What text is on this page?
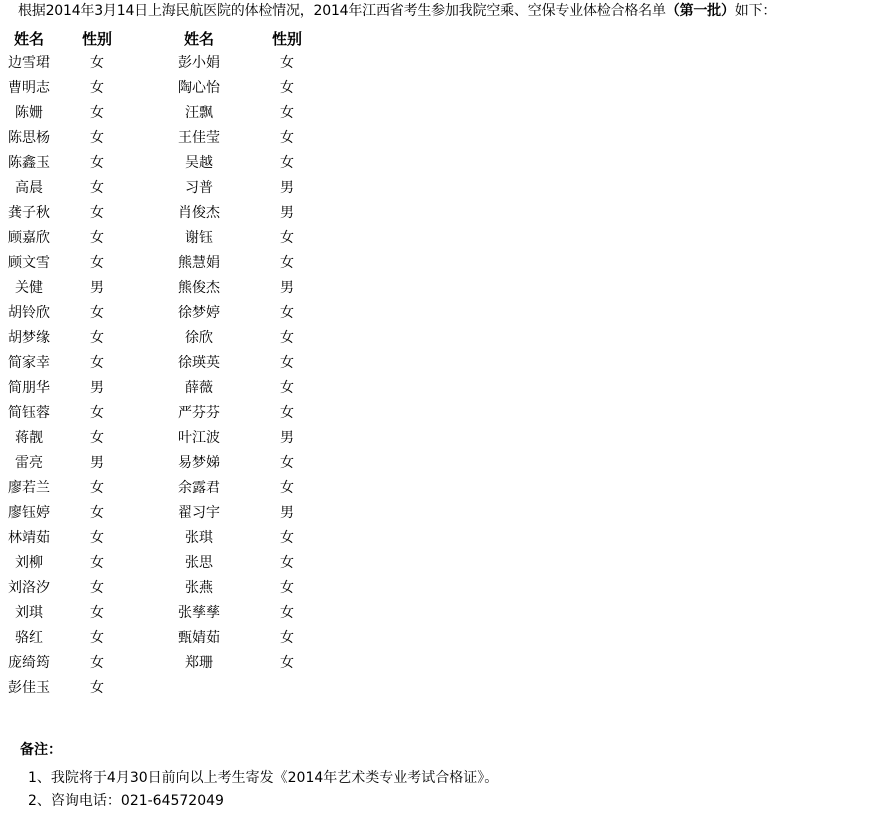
根据2014年3月14日上海民航医院的体检情况，2014年江西省考生参加我院空乘、空保专业体检合格名单（第一批）如下：
姓名
边雪珺
曹明志
陈姗
陈思杨
陈鑫玉
高晨
龚子秋
顾嘉欣
顾文雪
关健
胡铃欣
胡梦缘
简家幸
简朋华
简钰蓉
蒋靓
雷亮
廖若兰
廖钰婷
林靖茹
刘柳
刘洛汐
刘琪
骆红
庞绮筠
彭佳玉
性别
女
女
女
女
女
女
女
女
女
男
女
女
女
男
女
女
男
女
女
女
女
女
女
女
女
女
姓名
彭小娟
陶心怡
汪飘
王佳莹
吴越
习普
肖俊杰
谢钰
熊慧娟
熊俊杰
徐梦婷
徐欣
徐瑛英
薛薇
严芬芬
叶江波
易梦娣
余露君
翟习宇
张琪
张思
张燕
张孳孳
甄婧茹
郑珊
性别
女
女
女
女
女
男
男
女
女
男
女
女
女
女
女
男
女
女
男
女
女
女
女
女
女
备注：
1、我院将于4月30日前向以上考生寄发《2014年艺术类专业考试合格证》。
2、咨询电话：021-64572049
